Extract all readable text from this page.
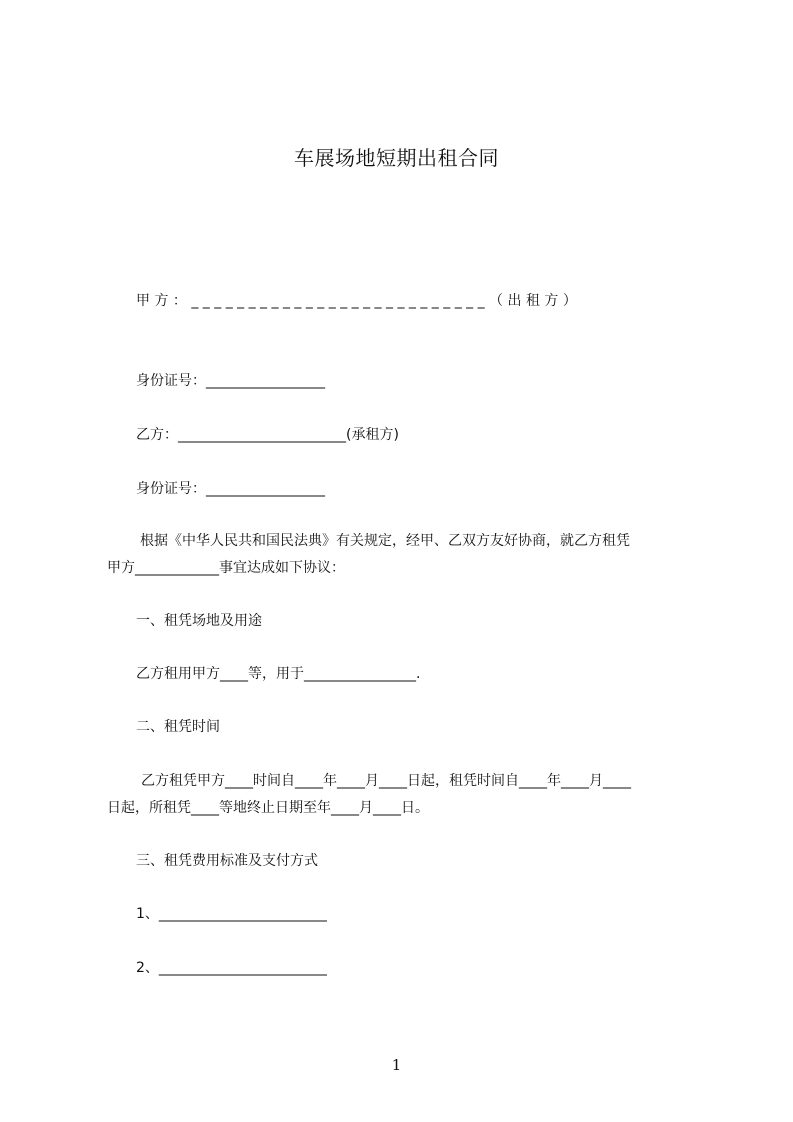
车展场地短期出租合同
甲 方 ： _ _ _ _ _ _ _ _ _ _ _ _ _ _ _ _ _ _ _ _ _ _ _ _ _ _ （ 出 租 方 ）
身份证号：_________________
乙方：________________________(承租方)
身份证号：_________________
根据《中华人民共和国民法典》有关规定，经甲、乙双方友好协商，就乙方租凭
甲方____________事宜达成如下协议：
一、租凭场地及用途
乙方租用甲方____等，用于________________.
二、租凭时间
乙方租凭甲方____时间自____年____月____日起，租凭时间自____年____月____
日起，所租凭____等地终止日期至年____月____日。
三、租凭费用标准及支付方式
1、________________________
2、________________________
1
